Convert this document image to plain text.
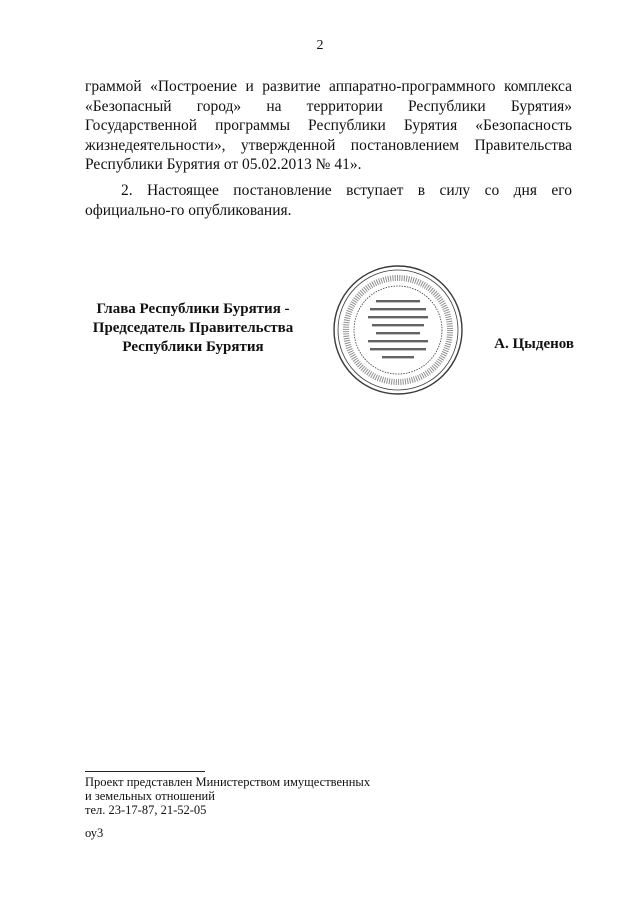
2

граммой «Построение и развитие аппаратно-программного комплекса «Безопасный город» на территории Республики Бурятия» Государственной программы Республики Бурятия «Безопасность жизнедеятельности», утвержденной постановлением Правительства Республики Бурятия от 05.02.2013 № 41».

2. Настоящее постановление вступает в силу со дня его официально-го опубликования.

Глава Республики Бурятия -
Председатель Правительства
Республики Бурятия	А. Цыденов
Проект представлен Министерством имущественных
и земельных отношений
тел. 23-17-87, 21-52-05
оу3
